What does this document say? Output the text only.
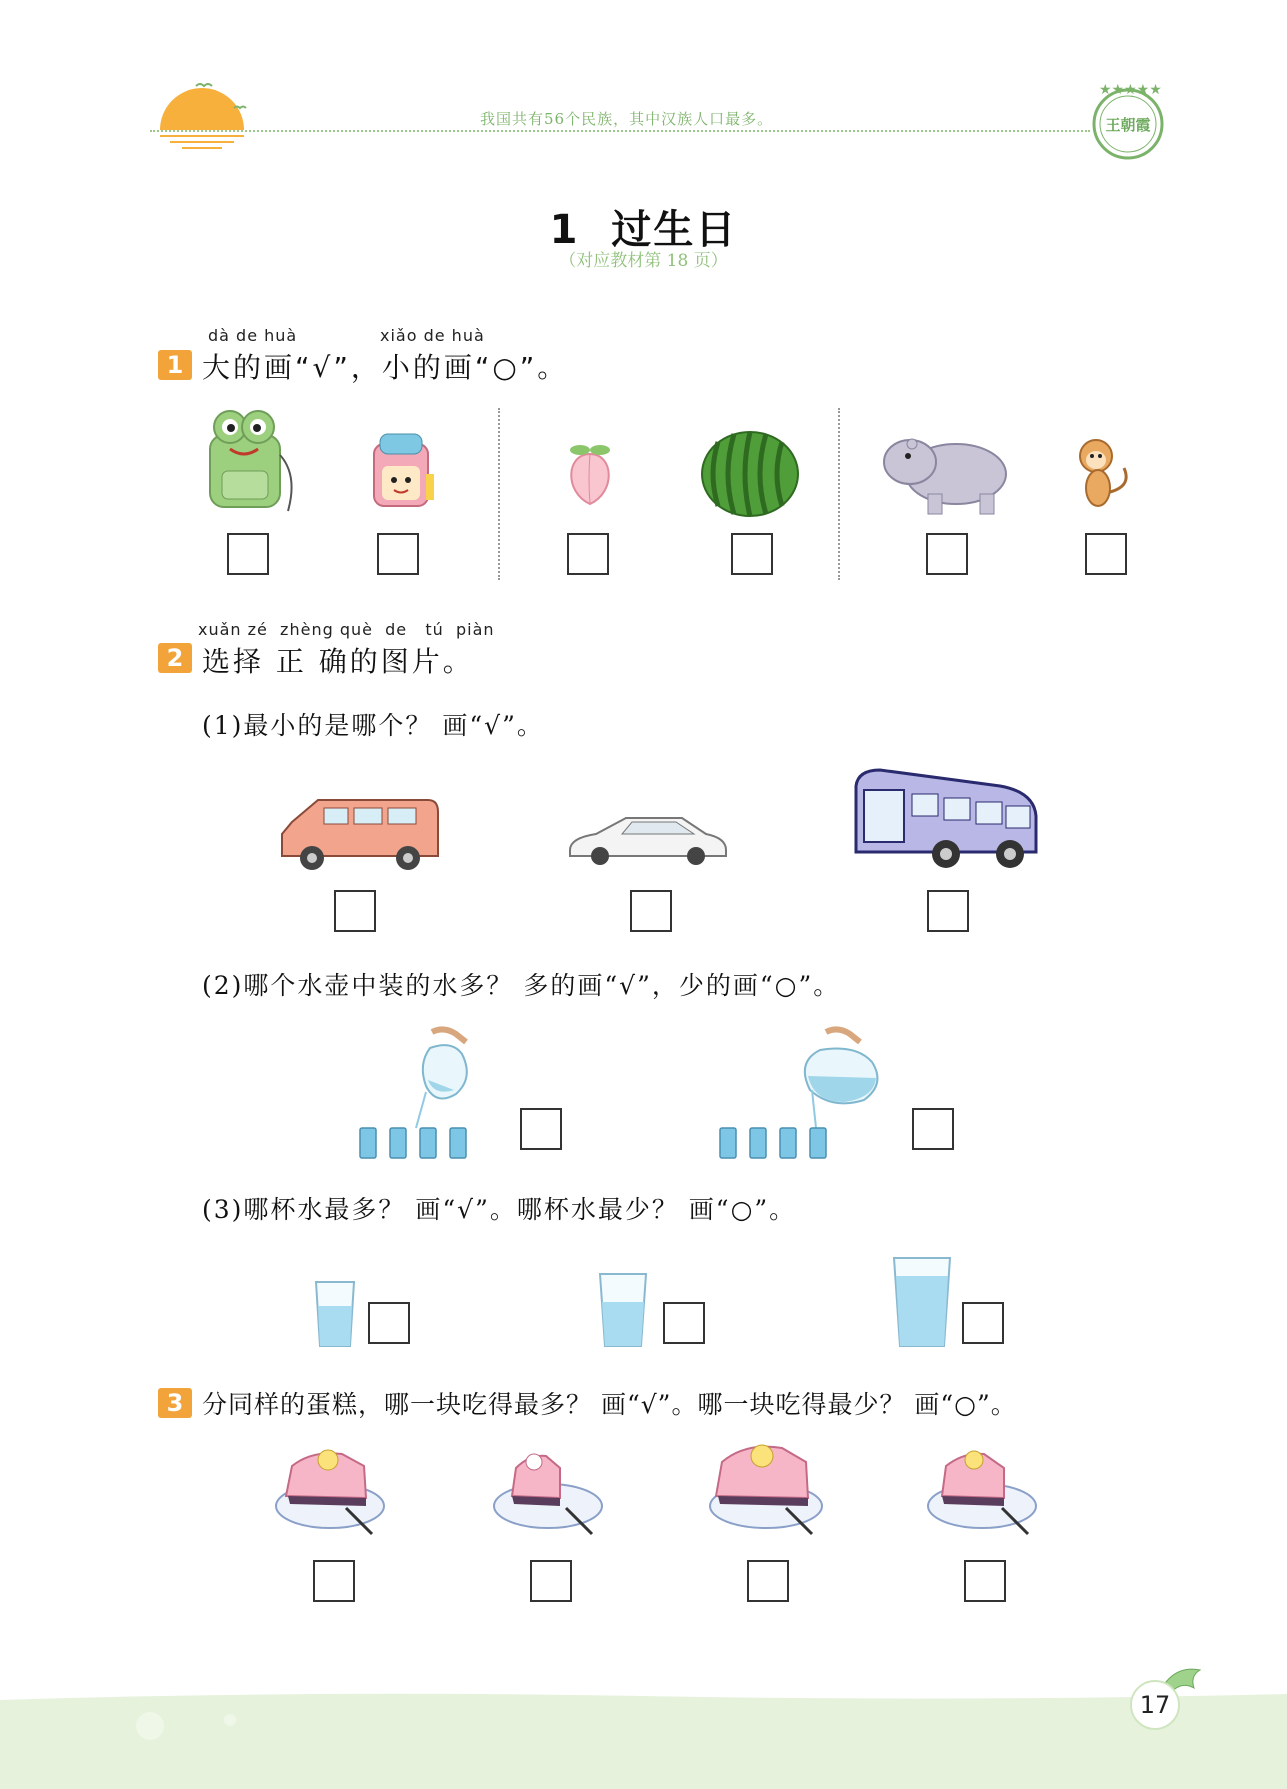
我国共有56个民族，其中汉族人口最多。
★★★★★
王朝霞
1  过生日
（对应教材第 18 页）
dà de huà	xiǎo de huà
1 大的画“√”，小的画“○”。
xuǎn zé  zhèng què  de   tú  piàn
2 选择 正 确的图片。
(1)最小的是哪个？ 画“√”。
(2)哪个水壶中装的水多？ 多的画“√”，少的画“○”。
(3)哪杯水最多？ 画“√”。哪杯水最少？ 画“○”。
3 分同样的蛋糕，哪一块吃得最多？ 画“√”。哪一块吃得最少？ 画“○”。
17
